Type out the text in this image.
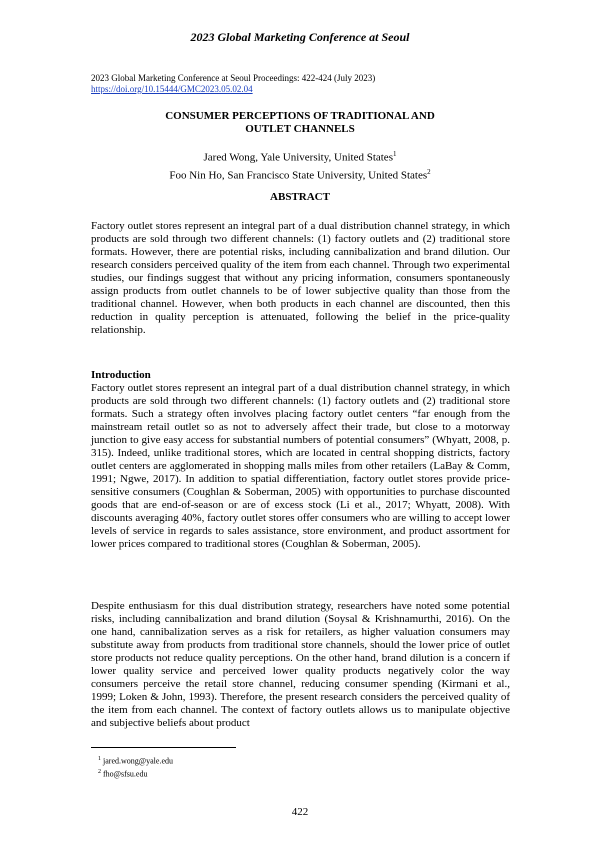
2023 Global Marketing Conference at Seoul
2023 Global Marketing Conference at Seoul Proceedings: 422-424 (July 2023)
https://doi.org/10.15444/GMC2023.05.02.04
CONSUMER PERCEPTIONS OF TRADITIONAL AND
OUTLET CHANNELS
Jared Wong, Yale University, United States$^1$
Foo Nin Ho, San Francisco State University, United States$^2$
ABSTRACT

Factory outlet stores represent an integral part of a dual distribution channel strategy, in which products are sold through two different channels: (1) factory outlets and (2) traditional store formats. However, there are potential risks, including cannibalization and brand dilution. Our research considers perceived quality of the item from each channel. Through two experimental studies, our findings suggest that without any pricing information, consumers spontaneously assign products from outlet channels to be of lower subjective quality than those from the traditional channel. However, when both products in each channel are discounted, then this reduction in quality perception is attenuated, following the belief in the price-quality relationship.

Introduction

Factory outlet stores represent an integral part of a dual distribution channel strategy, in which products are sold through two different channels: (1) factory outlets and (2) traditional store formats. Such a strategy often involves placing factory outlet centers “far enough from the mainstream retail outlet so as not to adversely affect their trade, but close to a motorway junction to give easy access for substantial numbers of potential consumers” (Whyatt, 2008, p. 315). Indeed, unlike traditional stores, which are located in central shopping districts, factory outlet centers are agglomerated in shopping malls miles from other retailers (LaBay & Comm, 1991; Ngwe, 2017). In addition to spatial differentiation, factory outlet stores provide price-sensitive consumers (Coughlan & Soberman, 2005) with opportunities to purchase discounted goods that are end-of-season or are of excess stock (Li et al., 2017; Whyatt, 2008). With discounts averaging 40%, factory outlet stores offer consumers who are willing to accept lower levels of service in regards to sales assistance, store environment, and product assortment for lower prices compared to traditional stores (Coughlan & Soberman, 2005).

Despite enthusiasm for this dual distribution strategy, researchers have noted some potential risks, including cannibalization and brand dilution (Soysal & Krishnamurthi, 2016). On the one hand, cannibalization serves as a risk for retailers, as higher valuation consumers may substitute away from products from traditional store channels, should the lower price of outlet store products not reduce quality perceptions. On the other hand, brand dilution is a concern if lower quality service and perceived lower quality products negatively color the way consumers perceive the retail store channel, reducing consumer spending (Kirmani et al., 1999; Loken & John, 1993). Therefore, the present research considers the perceived quality of the item from each channel. The context of factory outlets allows us to manipulate objective and subjective beliefs about product

$^1$ jared.wong@yale.edu
$^2$ fho@sfsu.edu
422
